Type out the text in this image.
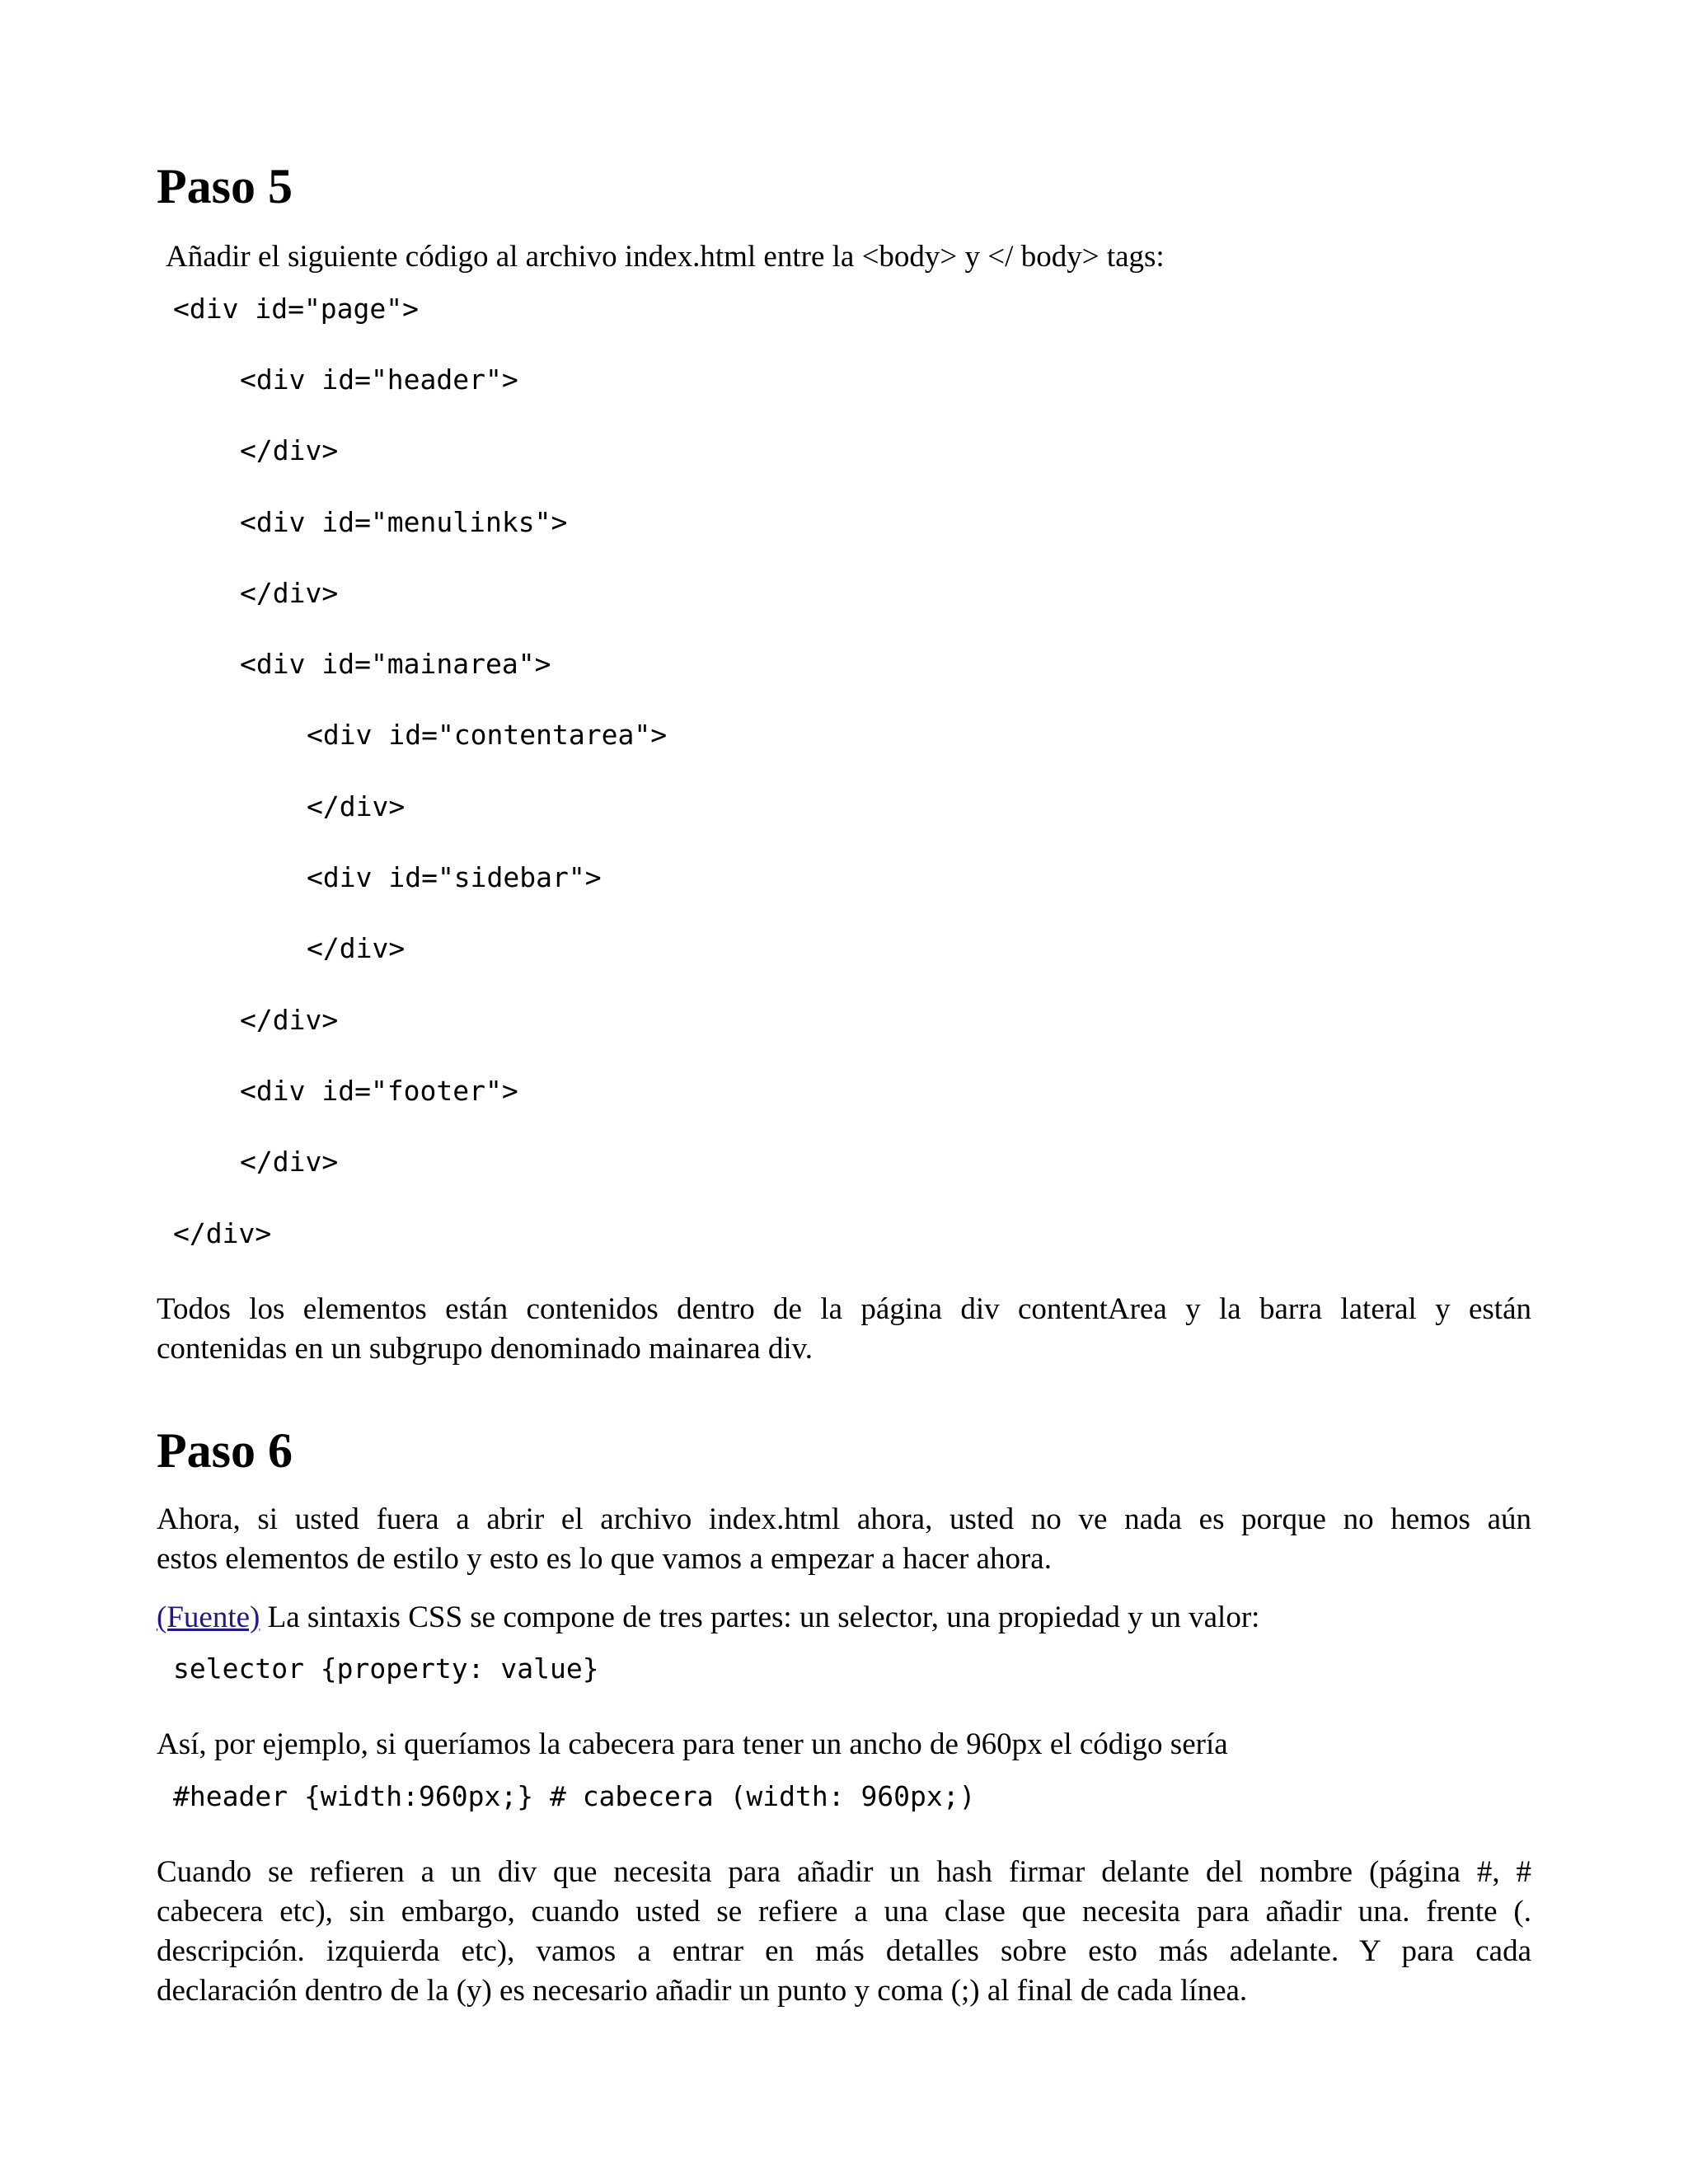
Paso 5
Añadir el siguiente código al archivo index.html entre la <body> y </ body> tags:
<div id="page">
<div id="header">
</div>
<div id="menulinks">
</div>
<div id="mainarea">
<div id="contentarea">
</div>
<div id="sidebar">
</div>
</div>
<div id="footer">
</div>
</div>

Todos los elementos están contenidos dentro de la página div contentArea y la barra lateral y están
contenidas en un subgrupo denominado mainarea div.

Paso 6

Ahora, si usted fuera a abrir el archivo index.html ahora, usted no ve nada es porque no hemos aún
estos elementos de estilo y esto es lo que vamos a empezar a hacer ahora.

(Fuente) La sintaxis CSS se compone de tres partes: un selector, una propiedad y un valor:
selector {property: value}
Así, por ejemplo, si queríamos la cabecera para tener un ancho de 960px el código sería
#header {width:960px;} # cabecera (width: 960px;)

Cuando se refieren a un div que necesita para añadir un hash firmar delante del nombre (página #, #
cabecera etc), sin embargo, cuando usted se refiere a una clase que necesita para añadir una. frente (.
descripción. izquierda etc), vamos a entrar en más detalles sobre esto más adelante. Y para cada
declaración dentro de la (y) es necesario añadir un punto y coma (;) al final de cada línea.
